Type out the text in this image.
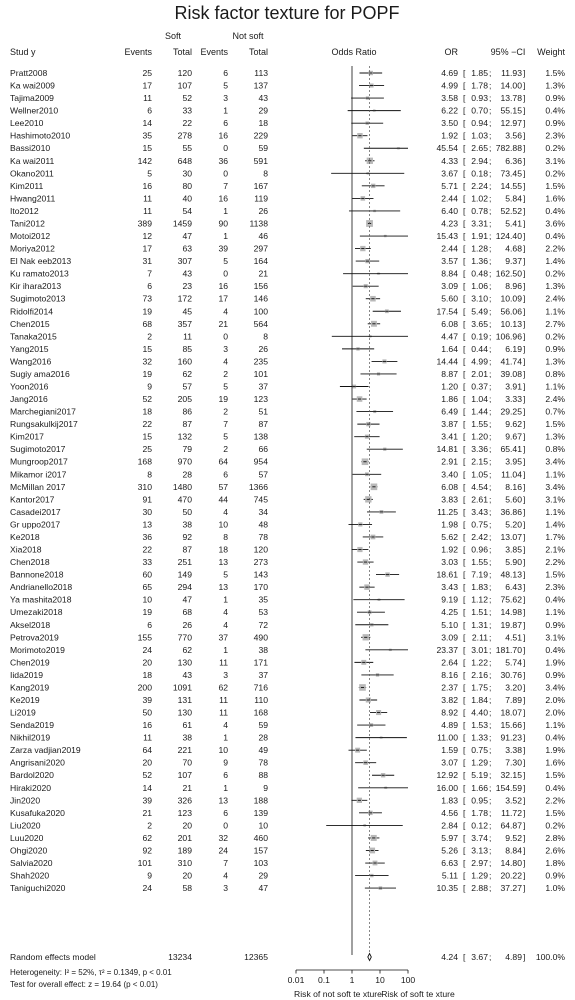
Risk factor texture for POPF
Soft	Not soft
Stud y	Events Total Events Total	Odds Ratio	OR	95% −CI Weight
Pratt2008	25	120	6	113	4.69 [ 1.85 ; 11.93 ] 1.5%
Ka wai2009	17	107	5	137	4.99 [ 1.78 ; 14.00 ] 1.3%
Tajima2009	11	52	3	43	3.58 [ 0.93 ; 13.78 ] 0.9%
Wellner2010	6	33	1	29	6.22 [ 0.70 ; 55.15 ] 0.4%
Lee2010	14	22	6	18	3.50 [ 0.94 ; 12.97 ] 0.9%
Hashimoto2010	35	278	16	229	1.92 [ 1.03 ; 3.56 ] 2.3%
Bassi2010	15	55	0	59	45.54 [ 2.65 ; 782.88 ] 0.2%
Ka wai2011	142	648	36	591	4.33 [ 2.94 ; 6.36 ] 3.1%
Okano2011	5	30	0	8	3.67 [ 0.18 ; 73.45 ] 0.2%
Kim2011	16	80	7	167	5.71 [ 2.24 ; 14.55 ] 1.5%
Hwang2011	11	40	16	119	2.44 [ 1.02 ; 5.84 ] 1.6%
Ito2012	11	54	1	26	6.40 [ 0.78 ; 52.52 ] 0.4%
Tani2012	389 1459	90	1138	4.23 [ 3.31 ; 5.41 ] 3.6%
Motoi2012	12	47	1	46	15.43 [ 1.91 ; 124.40 ] 0.4%
Moriya2012	17	63	39	297	2.44 [ 1.28 ; 4.68 ] 2.2%
El Nak eeb2013	31	307	5	164	3.57 [ 1.36 ; 9.37 ] 1.4%
Ku ramato2013	7	43	0	21	8.84 [ 0.48 ; 162.50 ] 0.2%
Kir ihara2013	6	23	16	156	3.09 [ 1.06 ; 8.96 ] 1.3%
Sugimoto2013	73	172	17	146	5.60 [ 3.10 ; 10.09 ] 2.4%
Ridolfi2014	19	45	4	100	17.54 [ 5.49 ; 56.06 ] 1.1%
Chen2015	68	357	21	564	6.08 [ 3.65 ; 10.13 ] 2.7%
Tanaka2015	2	11	0	8	4.47 [ 0.19 ; 106.96 ] 0.2%
Yang2015	15	85	3	26	1.64 [ 0.44 ; 6.19 ] 0.9%
Wang2016	32	160	4	235	14.44 [ 4.99 ; 41.74 ] 1.3%
Sugiy ama2016	19	62	2	101	8.87 [ 2.01 ; 39.08 ] 0.8%
Yoon2016	9	57	5	37	1.20 [ 0.37 ; 3.91 ] 1.1%
Jang2016	52	205	19	123	1.86 [ 1.04 ; 3.33 ] 2.4%
Marchegiani2017	18	86	2	51	6.49 [ 1.44 ; 29.25 ] 0.7%
Rungsakulkij2017	22	87	7	87	3.87 [ 1.55 ; 9.62 ] 1.5%
Kim2017	15	132	5	138	3.41 [ 1.20 ; 9.67 ] 1.3%
Sugimoto2017	25	79	2	66	14.81 [ 3.36 ; 65.41 ] 0.8%
Mungroop2017	168	970	64	954	2.91 [ 2.15 ; 3.95 ] 3.4%
Mikamor i2017	8	28	6	57	3.40 [ 1.05 ; 11.04 ] 1.1%
McMillan 2017	310 1480	57 1366	6.08 [ 4.54 ; 8.16 ] 3.4%
Kantor2017	91	470	44	745	3.83 [ 2.61 ; 5.60 ] 3.1%
Casadei2017	30	50	4	34	11.25 [ 3.43 ; 36.86 ] 1.1%
Gr uppo2017	13	38	10	48	1.98 [ 0.75 ; 5.20 ] 1.4%
Ke2018	36	92	8	78	5.62 [ 2.42 ; 13.07 ] 1.7%
Xia2018	22	87	18	120	1.92 [ 0.96 ; 3.85 ] 2.1%
Chen2018	33	251	13	273	3.03 [ 1.55 ; 5.90 ] 2.2%
Bannone2018	60	149	5	143	18.61 [ 7.19 ; 48.13 ] 1.5%
Andrianello2018	65	294	13	170	3.43 [ 1.83 ; 6.43 ] 2.3%
Ya mashita2018	10	47	1	35	9.19 [ 1.12 ; 75.62 ] 0.4%
Umezaki2018	19	68	4	53	4.25 [ 1.51 ; 14.98 ] 1.1%
Aksel2018	6	26	4	72	5.10 [ 1.31 ; 19.87 ] 0.9%
Petrova2019	155	770	37	490	3.09 [ 2.11 ; 4.51 ] 3.1%
Morimoto2019	24	62	1	38	23.37 [ 3.01 ; 181.70 ] 0.4%
Chen2019	20	130	11	171	2.64 [ 1.22 ; 5.74 ] 1.9%
Iida2019	18	43	3	37	8.16 [ 2.16 ; 30.76 ] 0.9%
Kang2019	200 1091	62	716	2.37 [ 1.75 ; 3.20 ] 3.4%
Ke2019	39	131	11	110	3.82 [ 1.84 ; 7.89 ] 2.0%
Li2019	50	130	11	168	8.92 [ 4.40 ; 18.07 ] 2.0%
Senda2019	16	61	4	59	4.89 [ 1.53 ; 15.66 ] 1.1%
Nikhil2019	11	38	1	28	11.00 [ 1.33 ; 91.23 ] 0.4%
Zarza vadjian2019	64	221	10	49	1.59 [ 0.75 ; 3.38 ] 1.9%
Angrisani2020	20	70	9	78	3.07 [ 1.29 ; 7.30 ] 1.6%
Bardol2020	52	107	6	88	12.92 [ 5.19 ; 32.15 ] 1.5%
Hiraki2020	14	21	1	9	16.00 [ 1.66 ; 154.59 ] 0.4%
Jin2020	39	326	13	188	1.83 [ 0.95 ; 3.52 ] 2.2%
Kusafuka2020	21	123	6	139	4.56 [ 1.78 ; 11.72 ] 1.5%
Liu2020	2	20	0	10	2.84 [ 0.12 ; 64.87 ] 0.2%
Luu2020	62	201	32	460	5.97 [ 3.74 ; 9.52 ] 2.8%
Ohgi2020	92	189	24	157	5.26 [ 3.13 ; 8.84 ] 2.6%
Salvia2020	101	310	7	103	6.63 [ 2.97 ; 14.80 ] 1.8%
Shah2020	9	20	4	29	5.11 [ 1.29 ; 20.22 ] 0.9%
Taniguchi2020	24	58	3	47	10.35 [ 2.88 ; 37.27 ] 1.0%
Random effects model	13234	12365	4.24 [ 3.67 ; 4.89 ] 100.0%
0.01 0.1 1 10 100
Risk of not soft te xture Risk of soft te xture
Heterogeneity: I² = 52%, τ² = 0.1349, p < 0.01
Test for overall effect: z = 19.64 (p < 0.01)
